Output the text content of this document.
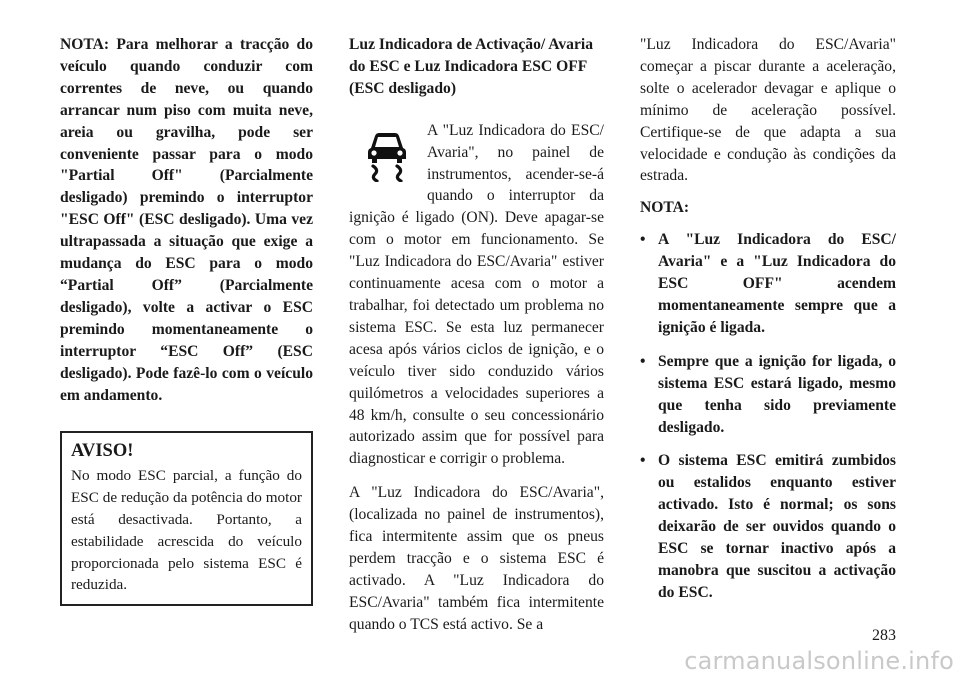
NOTA: Para melhorar a tracção do veículo quando conduzir com correntes de neve, ou quando arrancar num piso com muita neve, areia ou gravilha, pode ser conveniente passar para o modo "Partial Off" (Parcialmente desligado) premindo o interruptor "ESC Off" (ESC desligado). Uma vez ultrapassada a situação que exige a mudança do ESC para o modo “Partial Off” (Parcialmente desligado), volte a activar o ESC premindo momentaneamente o interruptor “ESC Off” (ESC desligado). Pode fazê-lo com o veículo em andamento.

AVISO!

No modo ESC parcial, a função do ESC de redução da potência do motor está desactivada. Portanto, a estabilidade acrescida do veículo proporcionada pelo sistema ESC é reduzida.

Luz Indicadora de Activação/ Avaria do ESC e Luz Indicadora ESC OFF (ESC desligado)

A "Luz Indicadora do ESC/ Avaria", no painel de instrumentos, acender-se-á quando o interruptor da ignição é ligado (ON). Deve apagar-se com o motor em funcionamento. Se "Luz Indicadora do ESC/Avaria" estiver continuamente acesa com o motor a trabalhar, foi detectado um problema no sistema ESC. Se esta luz permanecer acesa após vários ciclos de ignição, e o veículo tiver sido conduzido vários quilómetros a velocidades superiores a 48 km/h, consulte o seu concessionário autorizado assim que for possível para diagnosticar e corrigir o problema.

A "Luz Indicadora do ESC/Avaria", (localizada no painel de instrumentos), fica intermitente assim que os pneus perdem tracção e o sistema ESC é activado. A "Luz Indicadora do ESC/Avaria" também fica intermitente quando o TCS está activo. Se a

"Luz Indicadora do ESC/Avaria" começar a piscar durante a aceleração, solte o acelerador devagar e aplique o mínimo de aceleração possível. Certifique-se de que adapta a sua velocidade e condução às condições da estrada.

NOTA:

• A "Luz Indicadora do ESC/ Avaria" e a "Luz Indicadora do ESC OFF" acendem momentaneamente sempre que a ignição é ligada.
• Sempre que a ignição for ligada, o sistema ESC estará ligado, mesmo que tenha sido previamente desligado.
• O sistema ESC emitirá zumbidos ou estalidos enquanto estiver activado. Isto é normal; os sons deixarão de ser ouvidos quando o ESC se tornar inactivo após a manobra que suscitou a activação do ESC.
283
carmanualsonline.info
